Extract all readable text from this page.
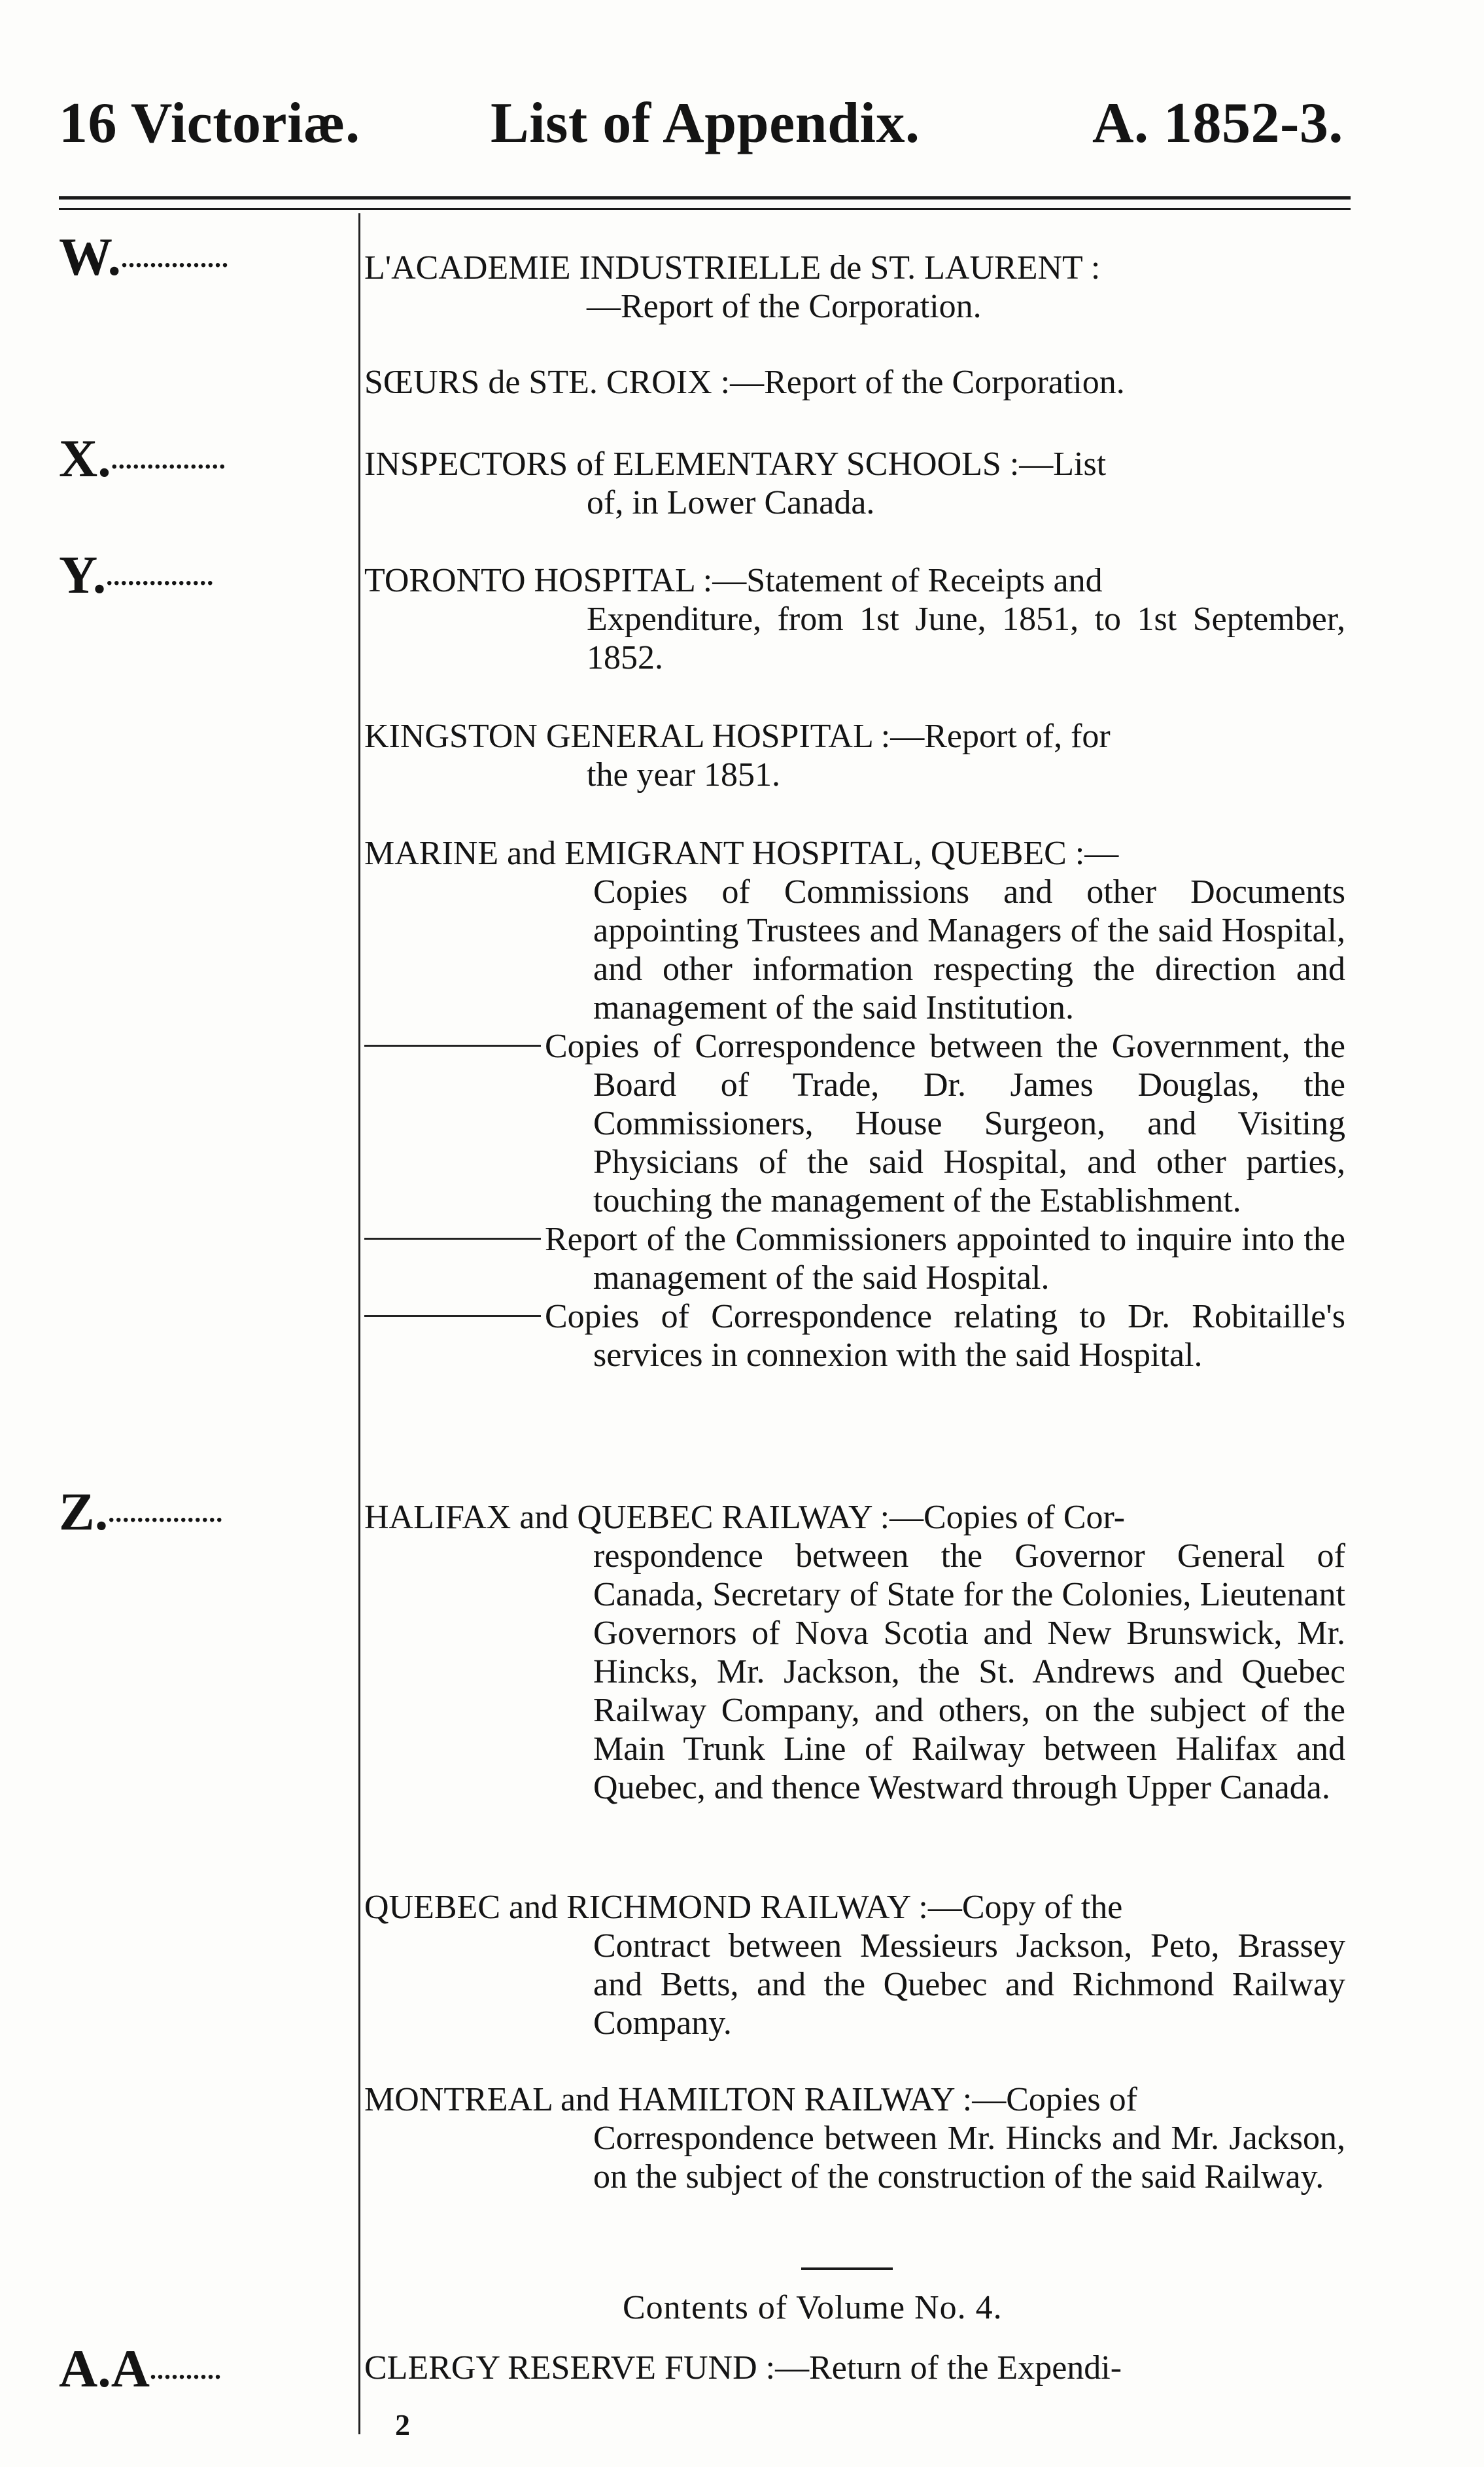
16 Victoriæ. List of Appendix.	A. 1852-3.
W................	L'ACADEMIE INDUSTRIELLE de ST. LAURENT :
—Report of the Corporation.
SŒURS de STE. CROIX :—Report of the Corporation.
X.................	INSPECTORS of ELEMENTARY SCHOOLS :—List
of, in Lower Canada.
Y................	TORONTO HOSPITAL :—Statement of Receipts and
Expenditure, from 1st June, 1851, to 1st September, 1852.
KINGSTON GENERAL HOSPITAL :—Report of, for
the year 1851.
MARINE and EMIGRANT HOSPITAL, QUEBEC :—
Copies of Commissions and other Documents appointing Trustees and Managers of the said Hospital, and other information respecting the direction and management of the said Institution.
Copies of Correspondence between the Government, the Board of Trade, Dr. James Douglas, the Commissioners, House Surgeon, and Visiting Physicians of the said Hospital, and other parties, touching the management of the Establishment.
Report of the Commissioners appointed to inquire into the management of the said Hospital.
Copies of Correspondence relating to Dr. Robitaille's services in connexion with the said Hospital.
Z.................	HALIFAX and QUEBEC RAILWAY :—Copies of Cor-
respondence between the Governor General of Canada, Secretary of State for the Colonies, Lieutenant Governors of Nova Scotia and New Brunswick, Mr. Hincks, Mr. Jackson, the St. Andrews and Quebec Railway Company, and others, on the subject of the Main Trunk Line of Railway between Halifax and Quebec, and thence Westward through Upper Canada.
QUEBEC and RICHMOND RAILWAY :—Copy of the
Contract between Messieurs Jackson, Peto, Brassey and Betts, and the Quebec and Richmond Railway Company.
MONTREAL and HAMILTON RAILWAY :—Copies of
Correspondence between Mr. Hincks and Mr. Jackson, on the subject of the construction of the said Railway.
Contents of Volume No. 4.
A.A..........	CLERGY RESERVE FUND :—Return of the Expendi-
2
